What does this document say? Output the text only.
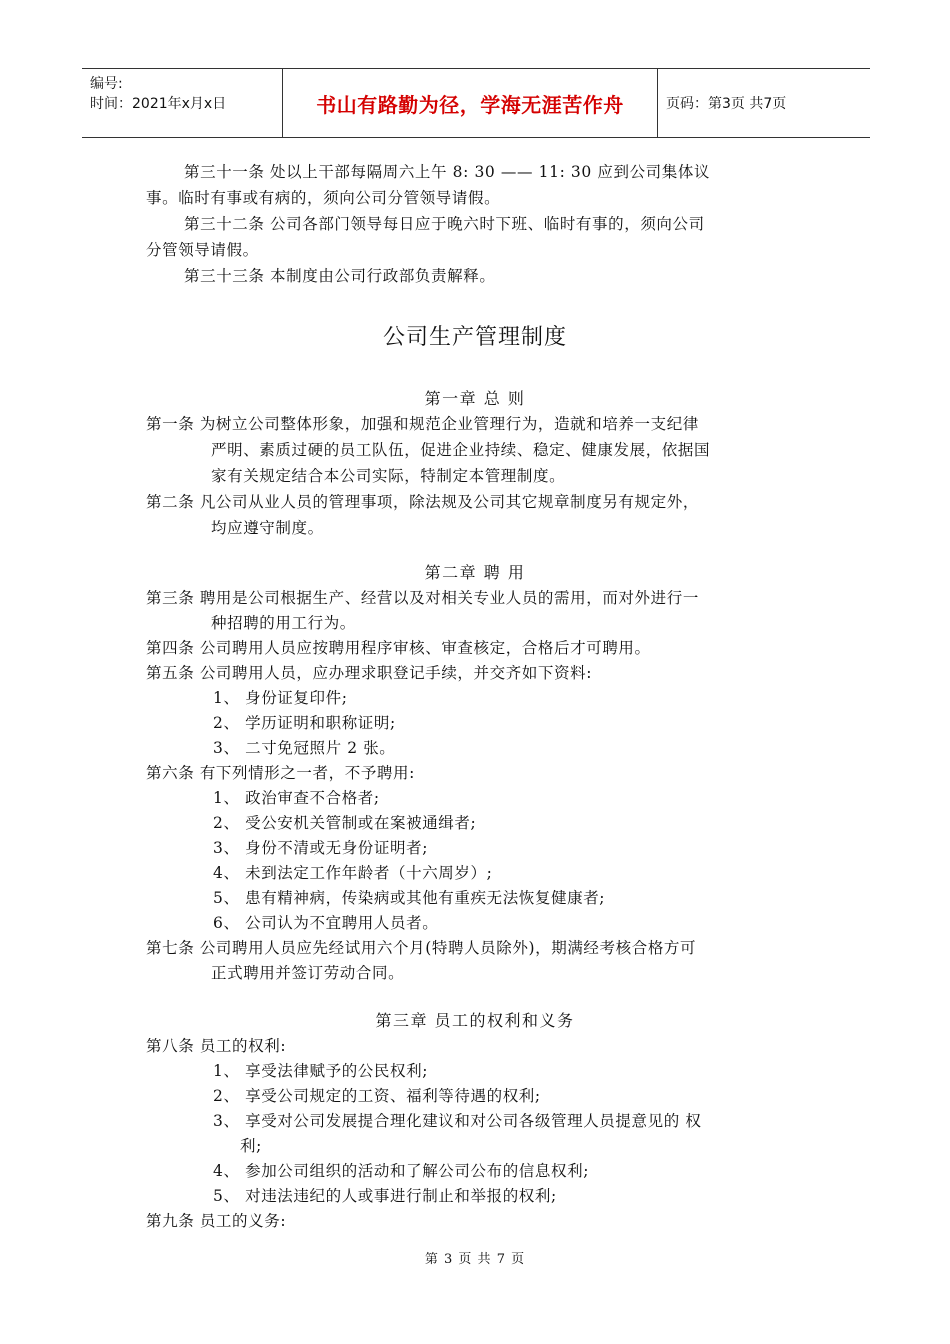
编号:
时间：2021年x月x日	书山有路勤为径，学海无涯苦作舟	页码：第3页 共7页
第三十一条 处以上干部每隔周六上午 8: 30 —— 11: 30 应到公司集体议
事。临时有事或有病的，须向公司分管领导请假。
第三十二条 公司各部门领导每日应于晚六时下班、临时有事的，须向公司
分管领导请假。
第三十三条 本制度由公司行政部负责解释。
公司生产管理制度
第一章 总 则
第一条 为树立公司整体形象，加强和规范企业管理行为，造就和培养一支纪律
严明、素质过硬的员工队伍，促进企业持续、稳定、健康发展，依据国
家有关规定结合本公司实际，特制定本管理制度。
第二条 凡公司从业人员的管理事项，除法规及公司其它规章制度另有规定外，
均应遵守制度。
第二章 聘 用
第三条 聘用是公司根据生产、经营以及对相关专业人员的需用，而对外进行一
种招聘的用工行为。
第四条 公司聘用人员应按聘用程序审核、审查核定，合格后才可聘用。
第五条 公司聘用人员，应办理求职登记手续，并交齐如下资料:
1、 身份证复印件;
2、 学历证明和职称证明;
3、 二寸免冠照片 2 张。
第六条 有下列情形之一者，不予聘用:
1、 政治审查不合格者;
2、 受公安机关管制或在案被通缉者;
3、 身份不清或无身份证明者;
4、 未到法定工作年龄者（十六周岁）;
5、 患有精神病，传染病或其他有重疾无法恢复健康者;
6、 公司认为不宜聘用人员者。
第七条 公司聘用人员应先经试用六个月(特聘人员除外)，期满经考核合格方可
正式聘用并签订劳动合同。
第三章 员工的权利和义务
第八条 员工的权利:
1、 享受法律赋予的公民权利;
2、 享受公司规定的工资、福利等待遇的权利;
3、 享受对公司发展提合理化建议和对公司各级管理人员提意见的 权
利;
4、 参加公司组织的活动和了解公司公布的信息权利;
5、 对违法违纪的人或事进行制止和举报的权利;
第九条 员工的义务:
第 3 页 共 7 页
